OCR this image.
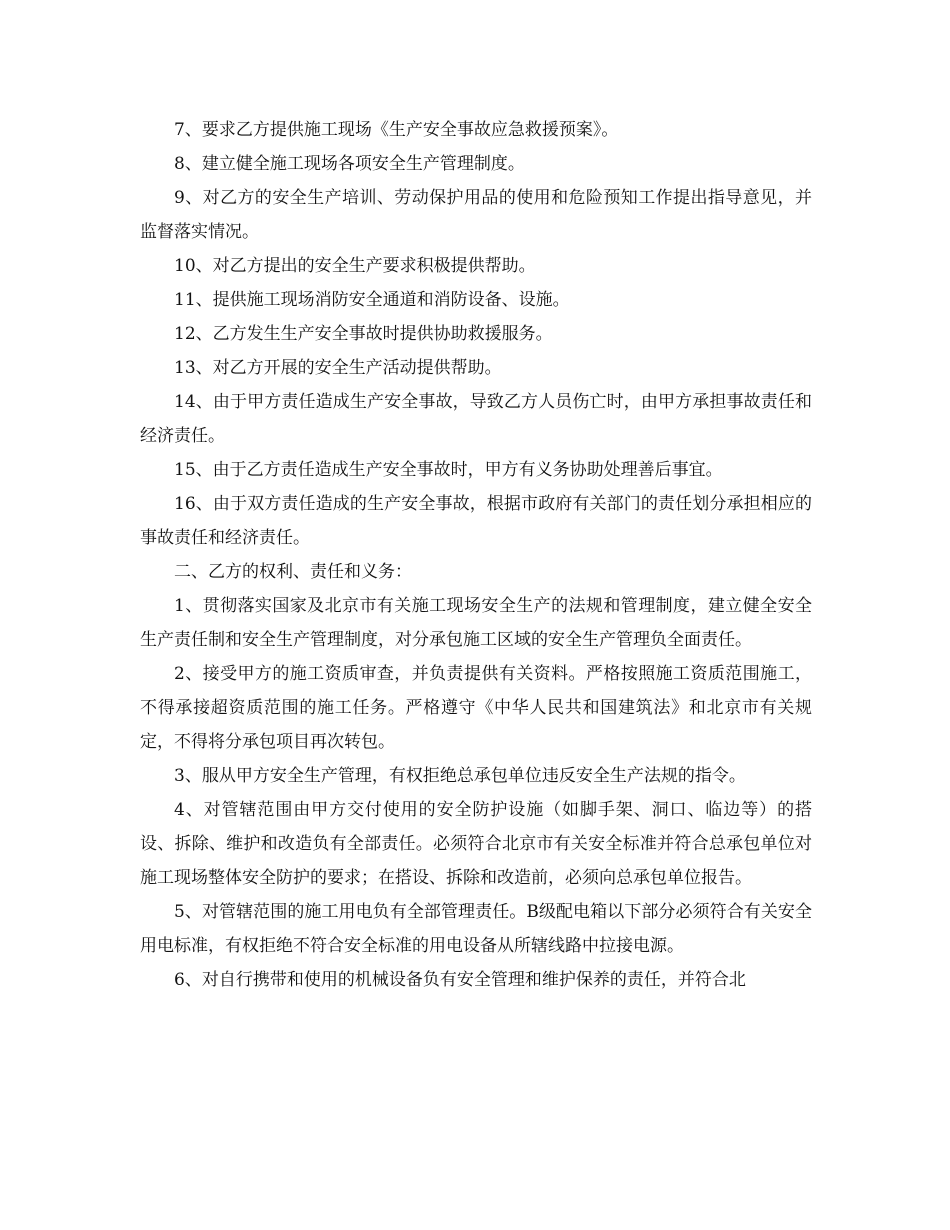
7、要求乙方提供施工现场《生产安全事故应急救援预案》。

8、建立健全施工现场各项安全生产管理制度。

9、对乙方的安全生产培训、劳动保护用品的使用和危险预知工作提出指导意见，并监督落实情况。

10、对乙方提出的安全生产要求积极提供帮助。

11、提供施工现场消防安全通道和消防设备、设施。

12、乙方发生生产安全事故时提供协助救援服务。

13、对乙方开展的安全生产活动提供帮助。

14、由于甲方责任造成生产安全事故，导致乙方人员伤亡时，由甲方承担事故责任和经济责任。

15、由于乙方责任造成生产安全事故时，甲方有义务协助处理善后事宜。

16、由于双方责任造成的生产安全事故，根据市政府有关部门的责任划分承担相应的事故责任和经济责任。

二、乙方的权利、责任和义务：

1、贯彻落实国家及北京市有关施工现场安全生产的法规和管理制度，建立健全安全生产责任制和安全生产管理制度，对分承包施工区域的安全生产管理负全面责任。

2、接受甲方的施工资质审查，并负责提供有关资料。严格按照施工资质范围施工，不得承接超资质范围的施工任务。严格遵守《中华人民共和国建筑法》和北京市有关规定，不得将分承包项目再次转包。

3、服从甲方安全生产管理，有权拒绝总承包单位违反安全生产法规的指令。

4、对管辖范围由甲方交付使用的安全防护设施（如脚手架、洞口、临边等）的搭设、拆除、维护和改造负有全部责任。必须符合北京市有关安全标准并符合总承包单位对施工现场整体安全防护的要求；在搭设、拆除和改造前，必须向总承包单位报告。

5、对管辖范围的施工用电负有全部管理责任。B级配电箱以下部分必须符合有关安全用电标准，有权拒绝不符合安全标准的用电设备从所辖线路中拉接电源。

6、对自行携带和使用的机械设备负有安全管理和维护保养的责任，并符合北
